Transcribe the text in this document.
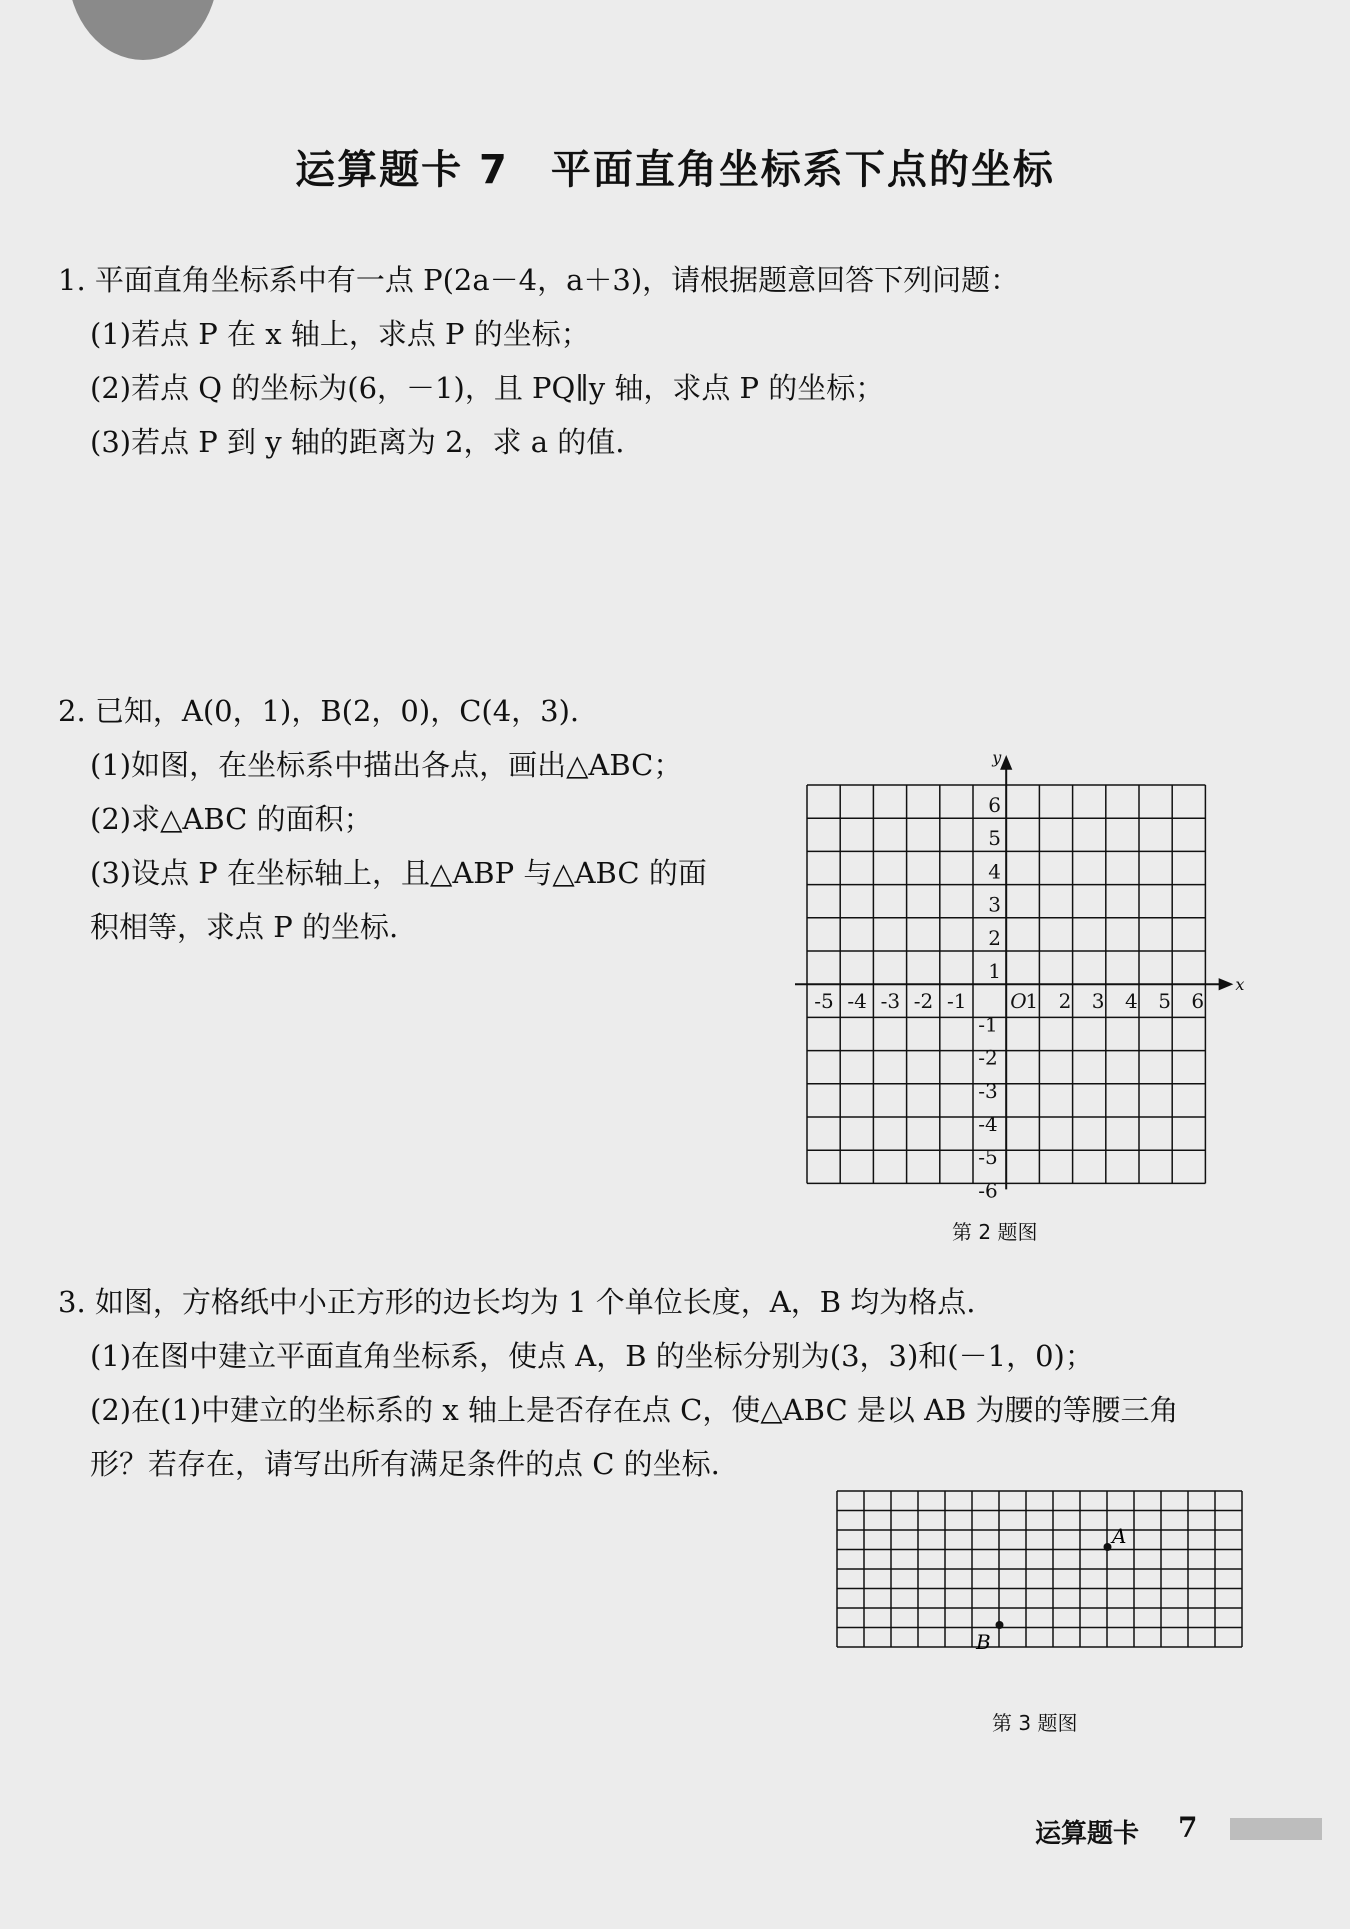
运算题卡 7　平面直角坐标系下点的坐标
1. 平面直角坐标系中有一点 P(2a－4，a＋3)，请根据题意回答下列问题：
(1)若点 P 在 x 轴上，求点 P 的坐标；
(2)若点 Q 的坐标为(6，－1)，且 PQ∥y 轴，求点 P 的坐标；
(3)若点 P 到 y 轴的距离为 2，求 a 的值.
2. 已知，A(0，1)，B(2，0)，C(4，3).
(1)如图，在坐标系中描出各点，画出△ABC；
(2)求△ABC 的面积；
(3)设点 P 在坐标轴上，且△ABP 与△ABC 的面
积相等，求点 P 的坐标.
x
y
O
-5 -4 -3 -2 -1	1 2 3 4 5 6
6
5
4
3
2
1
-1
-2
-3
-4
-5
-6
第 2 题图
3. 如图，方格纸中小正方形的边长均为 1 个单位长度，A，B 均为格点.
(1)在图中建立平面直角坐标系，使点 A，B 的坐标分别为(3，3)和(－1，0)；
(2)在(1)中建立的坐标系的 x 轴上是否存在点 C，使△ABC 是以 AB 为腰的等腰三角
形？若存在，请写出所有满足条件的点 C 的坐标.
A
B
第 3 题图
运算题卡 7
